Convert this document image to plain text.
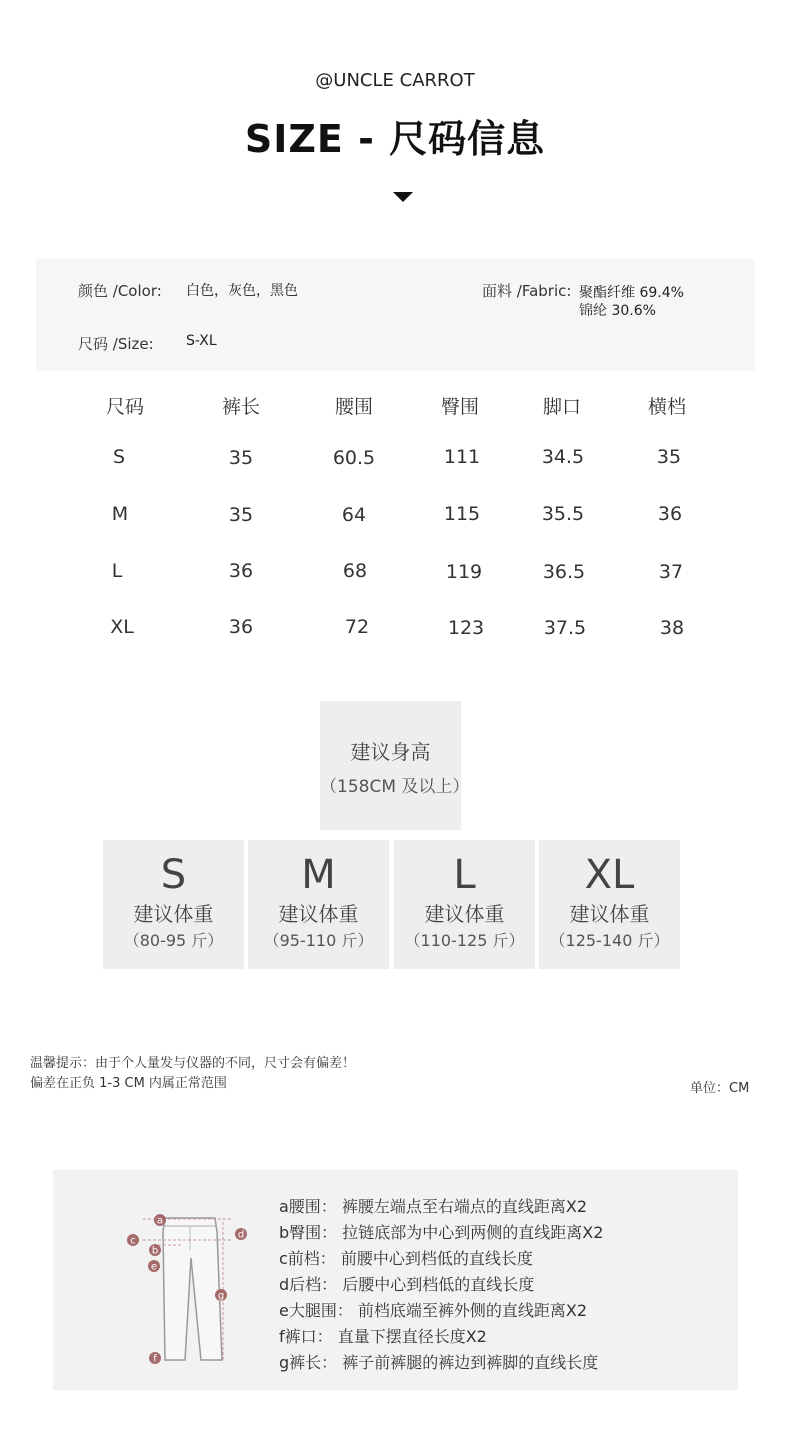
@UNCLE CARROT
SIZE - 尺码信息
颜色 /Color: 白色，灰色，黑色	面料 /Fabric: 聚酯纤维 69.4%
锦纶 30.6%
尺码 /Size: S-XL
尺码	裤长	腰围	臀围	脚口	横档
S	35	60.5	111	34.5	35
M	35	64	115	35.5	36
L	36	68	119	36.5	37
XL	36	72	123	37.5	38
建议身高
（158CM 及以上）
S
建议体重
（80-95 斤）
M
建议体重
（95-110 斤）
L
建议体重
（110-125 斤）
XL
建议体重
（125-140 斤）
温馨提示：由于个人量发与仪器的不同，尺寸会有偏差！
偏差在正负 1-3 CM 内属正常范围	单位：CM
a
b
c
d
e
f
g
a腰围： 裤腰左端点至右端点的直线距离X2
b臀围： 拉链底部为中心到两侧的直线距离X2
c前档： 前腰中心到档低的直线长度
d后档： 后腰中心到档低的直线长度
e大腿围： 前档底端至裤外侧的直线距离X2
f裤口： 直量下摆直径长度X2
g裤长： 裤子前裤腿的裤边到裤脚的直线长度
